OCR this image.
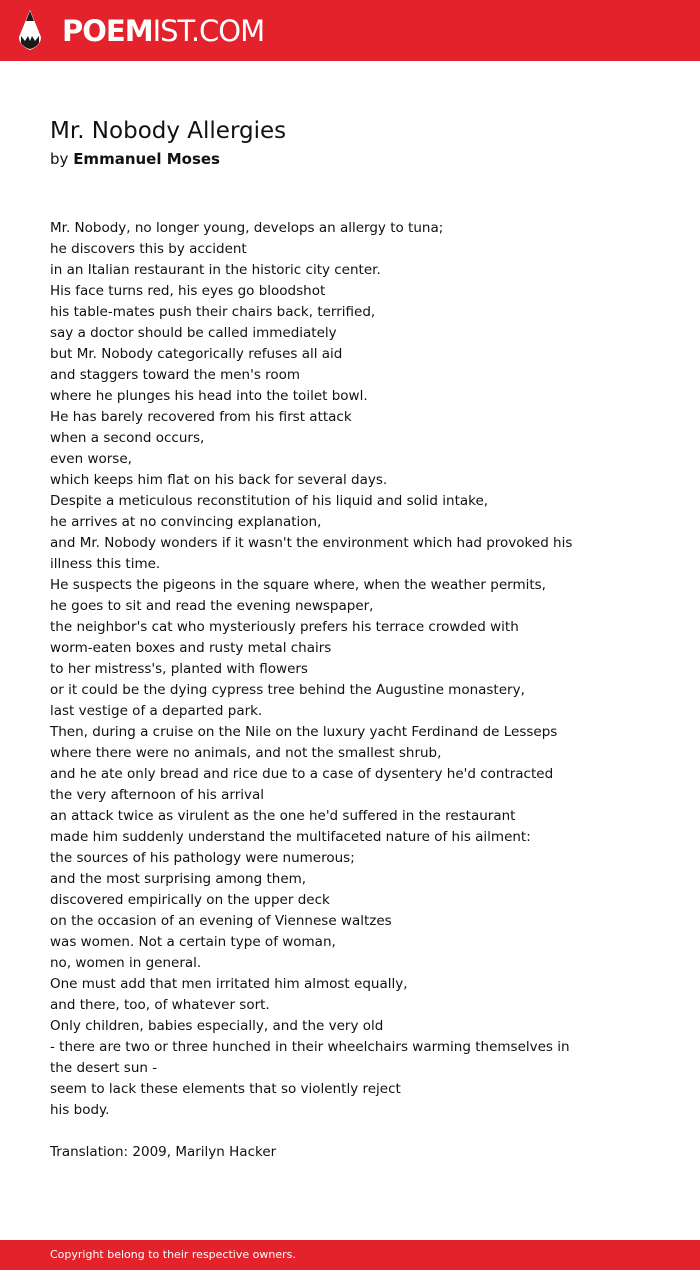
POEMIST.COM
Mr. Nobody Allergies
by Emmanuel Moses
Mr. Nobody, no longer young, develops an allergy to tuna;
he discovers this by accident
in an Italian restaurant in the historic city center.
His face turns red, his eyes go bloodshot
his table-mates push their chairs back, terrified,
say a doctor should be called immediately
but Mr. Nobody categorically refuses all aid
and staggers toward the men's room
where he plunges his head into the toilet bowl.
He has barely recovered from his first attack
when a second occurs,
even worse,
which keeps him flat on his back for several days.
Despite a meticulous reconstitution of his liquid and solid intake,
he arrives at no convincing explanation,
and Mr. Nobody wonders if it wasn't the environment which had provoked his
illness this time.
He suspects the pigeons in the square where, when the weather permits,
he goes to sit and read the evening newspaper,
the neighbor's cat who mysteriously prefers his terrace crowded with
worm-eaten boxes and rusty metal chairs
to her mistress's, planted with flowers
or it could be the dying cypress tree behind the Augustine monastery,
last vestige of a departed park.
Then, during a cruise on the Nile on the luxury yacht Ferdinand de Lesseps
where there were no animals, and not the smallest shrub,
and he ate only bread and rice due to a case of dysentery he'd contracted
the very afternoon of his arrival
an attack twice as virulent as the one he'd suffered in the restaurant
made him suddenly understand the multifaceted nature of his ailment:
the sources of his pathology were numerous;
and the most surprising among them,
discovered empirically on the upper deck
on the occasion of an evening of Viennese waltzes
was women. Not a certain type of woman,
no, women in general.
One must add that men irritated him almost equally,
and there, too, of whatever sort.
Only children, babies especially, and the very old
- there are two or three hunched in their wheelchairs warming themselves in
the desert sun -
seem to lack these elements that so violently reject
his body.
Translation: 2009, Marilyn Hacker
Copyright belong to their respective owners.
